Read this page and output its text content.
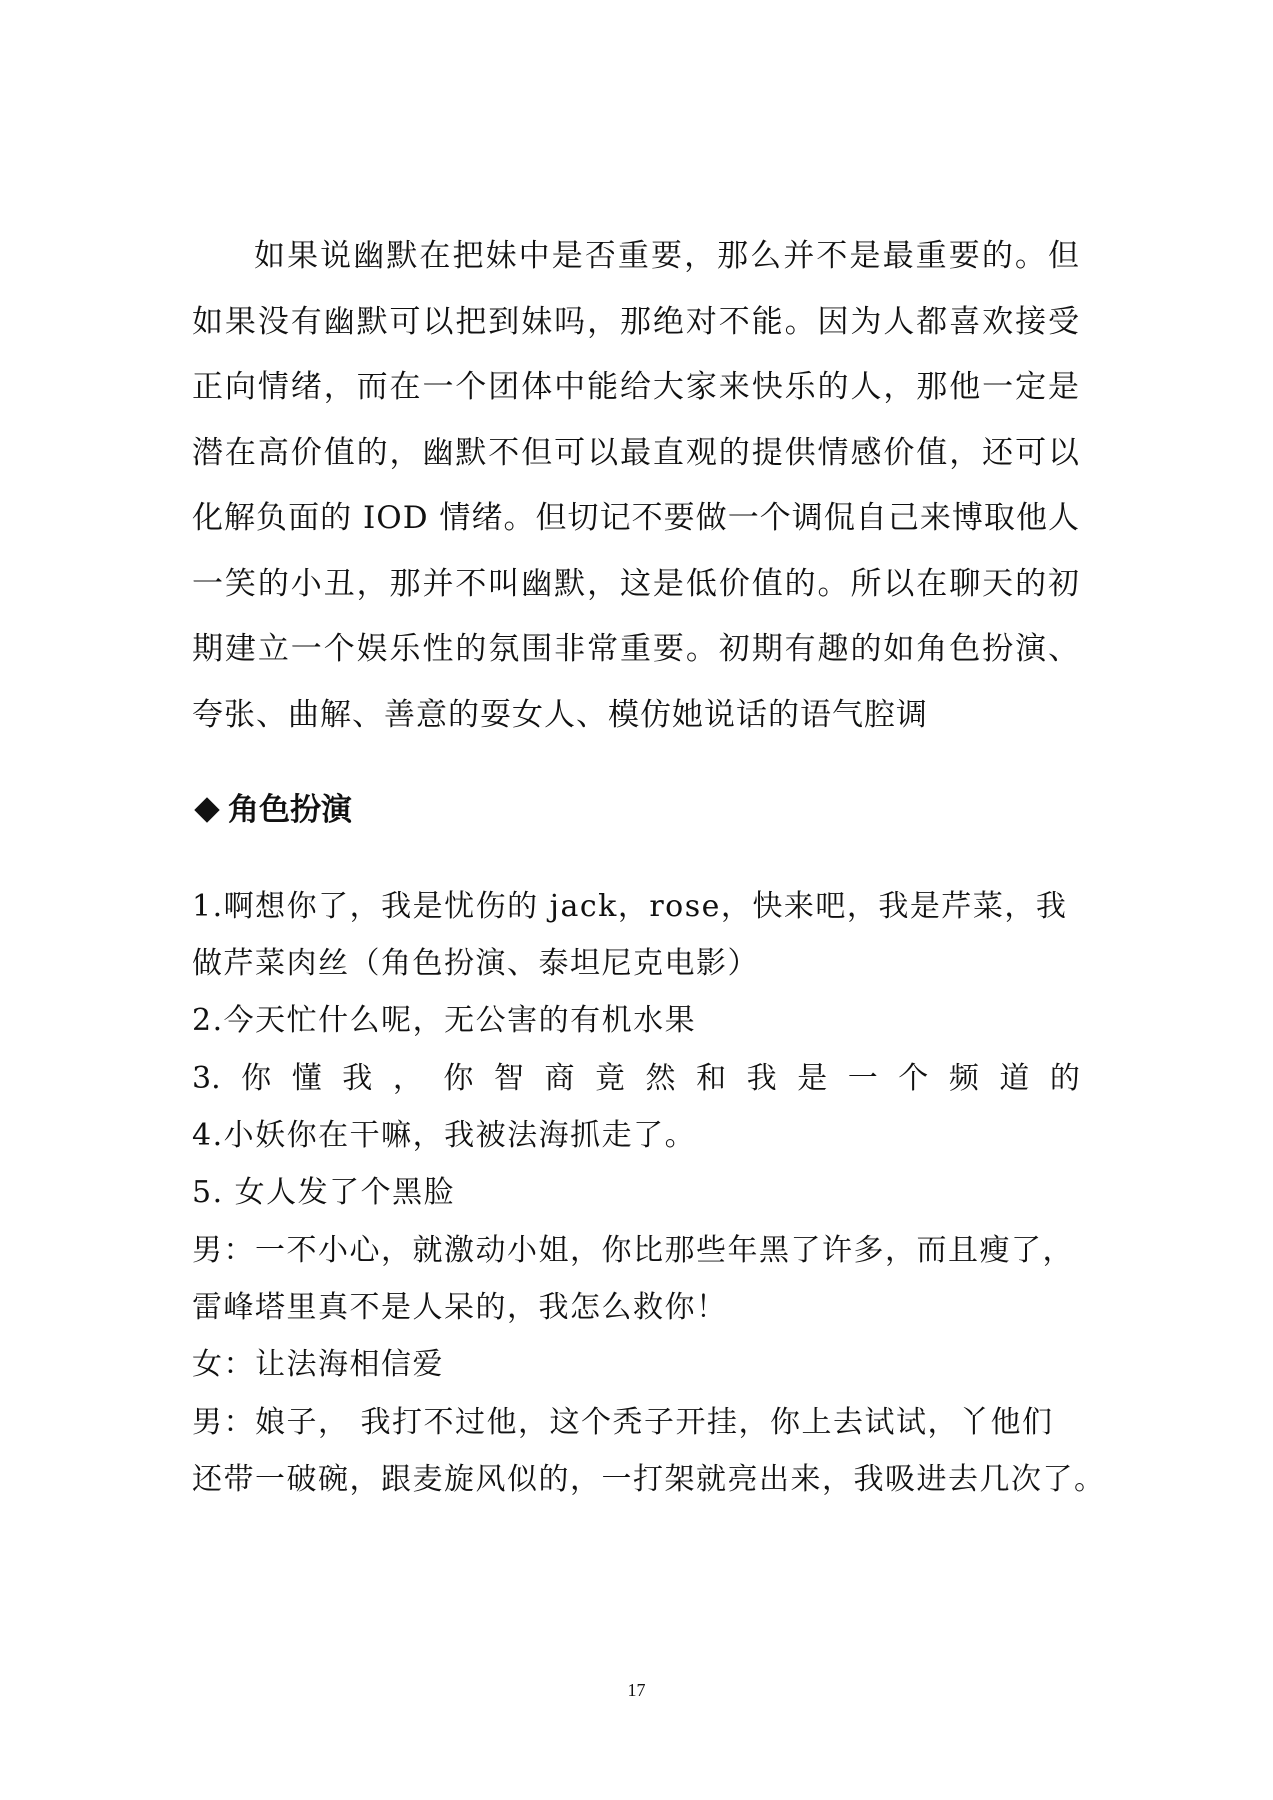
如果说幽默在把妹中是否重要，那么并不是最重要的。但如果没有幽默可以把到妹吗，那绝对不能。因为人都喜欢接受正向情绪，而在一个团体中能给大家来快乐的人，那他一定是潜在高价值的，幽默不但可以最直观的提供情感价值，还可以化解负面的 IOD 情绪。但切记不要做一个调侃自己来博取他人一笑的小丑，那并不叫幽默，这是低价值的。所以在聊天的初期建立一个娱乐性的氛围非常重要。初期有趣的如角色扮演、夸张、曲解、善意的耍女人、模仿她说话的语气腔调

角色扮演
1.啊想你了，我是忧伤的 jack，rose，快来吧，我是芹菜，我
做芹菜肉丝（角色扮演、泰坦尼克电影）
2.今天忙什么呢，无公害的有机水果
3. 你 懂 我 ， 你 智 商 竟 然 和 我 是 一 个 频 道 的
4.小妖你在干嘛，我被法海抓走了。
5. 女人发了个黑脸
男：一不小心，就激动小姐，你比那些年黑了许多，而且瘦了，
雷峰塔里真不是人呆的，我怎么救你！
女：让法海相信爱
男：娘子， 我打不过他，这个秃子开挂，你上去试试，丫他们
还带一破碗，跟麦旋风似的，一打架就亮出来，我吸进去几次了。
17
